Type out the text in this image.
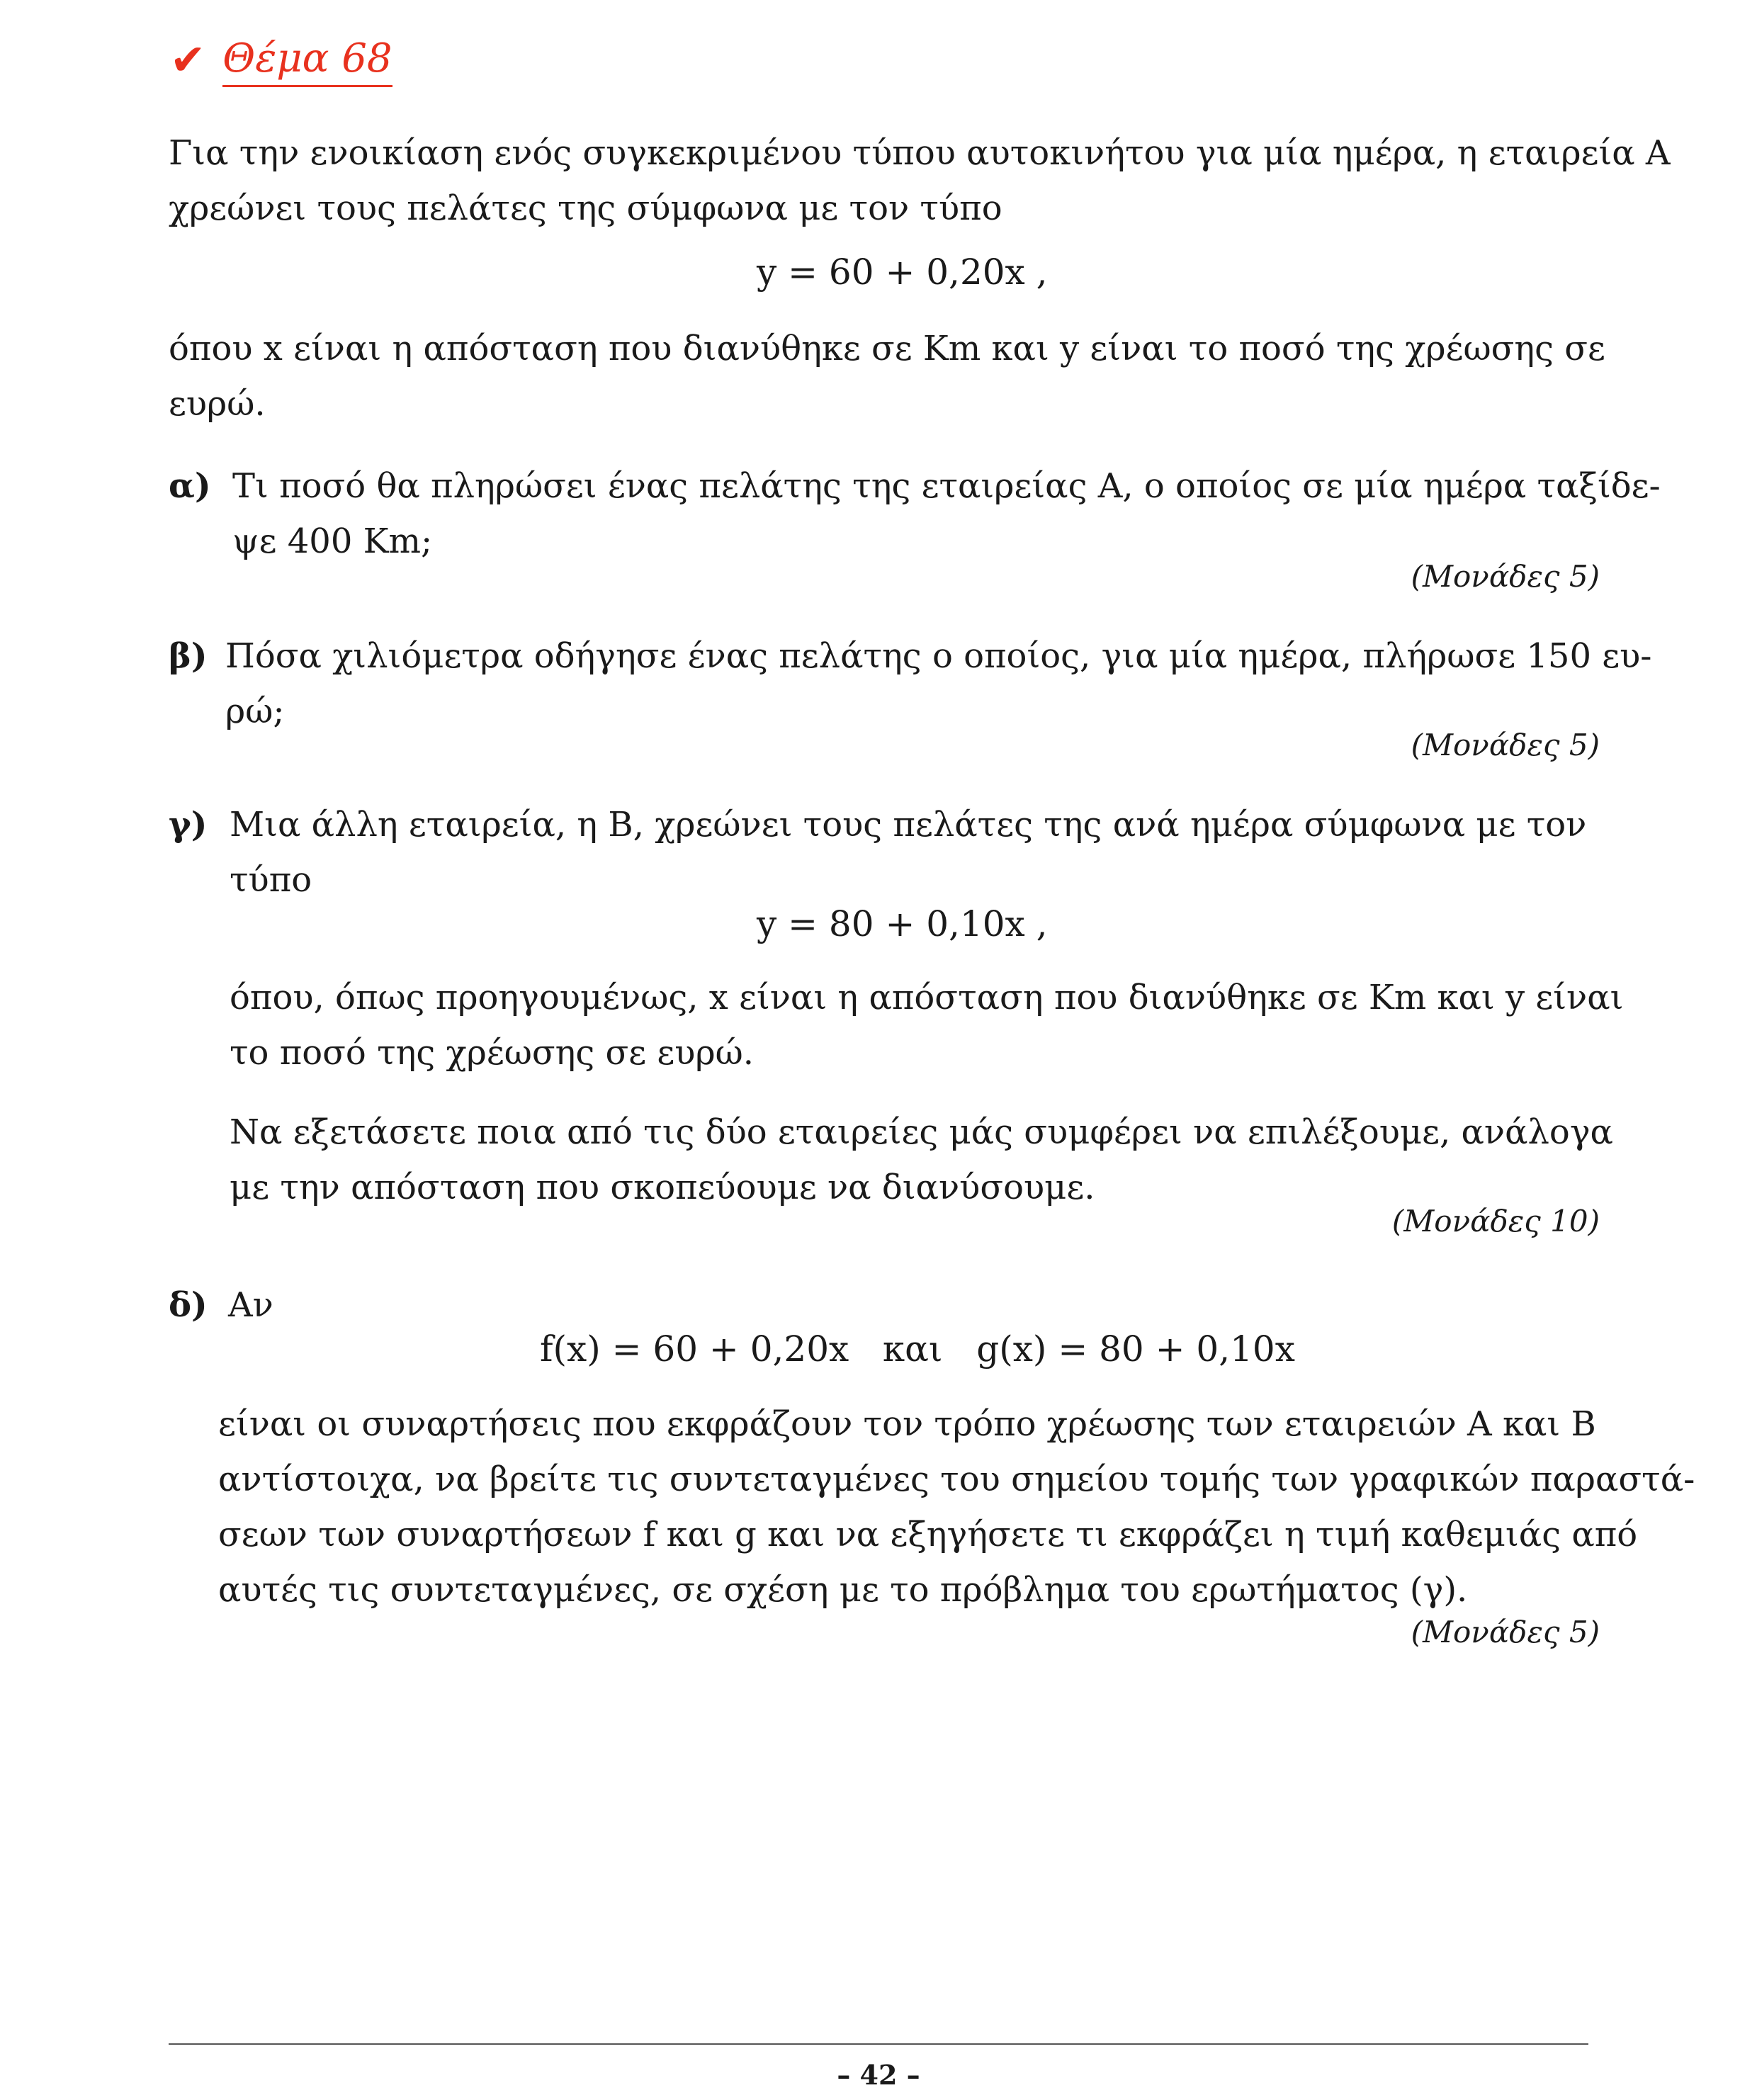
✔ Θέμα 68
Για την ενοικίαση ενός συγκεκριμένου τύπου αυτοκινήτου για μία ημέρα, η εταιρεία Α
χρεώνει τους πελάτες της σύμφωνα με τον τύπο
y = 60 + 0,20x ,
όπου x είναι η απόσταση που διανύθηκε σε Km και y είναι το ποσό της χρέωσης σε
ευρώ.
α) Τι ποσό θα πληρώσει ένας πελάτης της εταιρείας Α, ο οποίος σε μία ημέρα ταξίδε-
ψε 400 Km;
(Μονάδες 5)
β) Πόσα χιλιόμετρα οδήγησε ένας πελάτης ο οποίος, για μία ημέρα, πλήρωσε 150 ευ-
ρώ;
(Μονάδες 5)
γ) Μια άλλη εταιρεία, η Β, χρεώνει τους πελάτες της ανά ημέρα σύμφωνα με τον
τύπο
y = 80 + 0,10x ,
όπου, όπως προηγουμένως, x είναι η απόσταση που διανύθηκε σε Km και y είναι
το ποσό της χρέωσης σε ευρώ.
Να εξετάσετε ποια από τις δύο εταιρείες μάς συμφέρει να επιλέξουμε, ανάλογα
με την απόσταση που σκοπεύουμε να διανύσουμε.
(Μονάδες 10)
δ) Αν
f(x) = 60 + 0,20x   και   g(x) = 80 + 0,10x
είναι οι συναρτήσεις που εκφράζουν τον τρόπο χρέωσης των εταιρειών Α και Β
αντίστοιχα, να βρείτε τις συντεταγμένες του σημείου τομής των γραφικών παραστά-
σεων των συναρτήσεων f και g και να εξηγήσετε τι εκφράζει η τιμή καθεμιάς από
αυτές τις συντεταγμένες, σε σχέση με το πρόβλημα του ερωτήματος (γ).
(Μονάδες 5)
– 42 –
